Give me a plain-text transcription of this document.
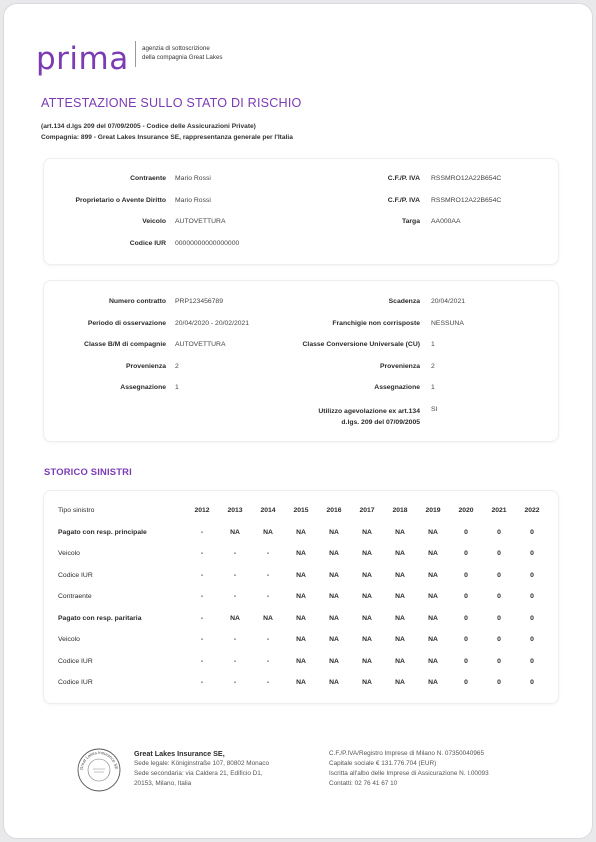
prima agenzia di sottoscrizione
della compagnia Great Lakes
ATTESTAZIONE SULLO STATO DI RISCHIO
(art.134 d.lgs 209 del 07/09/2005 - Codice delle Assicurazioni Private)
Compagnia: 899 - Great Lakes Insurance SE, rappresentanza generale per l'Italia
Contraente Mario Rossi	C.F./P. IVA RSSMRO12A22B654C
Proprietario o Avente Diritto Mario Rossi	C.F./P. IVA RSSMRO12A22B654C
Veicolo AUTOVETTURA	Targa AA000AA
Codice IUR 00000000000000000
Numero contratto PRP123456789	Scadenza 20/04/2021
Periodo di osservazione 20/04/2020 - 20/02/2021	Franchigie non corrisposte NESSUNA
Classe B/M di compagnie AUTOVETTURA	Classe Conversione Universale (CU) 1
Provenienza 2	Provenienza 2
Assegnazione 1	Assegnazione 1
Utilizzo agevolazione ex art.134
d.lgs. 209 del 07/09/2005
SI
STORICO SINISTRI
Tipo sinistro	2012	2013	2014	2015	2016	2017	2018	2019	2020	2021	2022
Pagato con resp. principale	-	NA	NA	NA	NA	NA	NA	NA	0	0	0
Veicolo	-	-	-	NA	NA	NA	NA	NA	0	0	0
Codice IUR	-	-	-	NA	NA	NA	NA	NA	0	0	0
Contraente	-	-	-	NA	NA	NA	NA	NA	0	0	0
Pagato con resp. paritaria	-	NA	NA	NA	NA	NA	NA	NA	0	0	0
Veicolo	-	-	-	NA	NA	NA	NA	NA	0	0	0
Codice IUR	-	-	-	NA	NA	NA	NA	NA	0	0	0
Codice IUR	-	-	-	NA	NA	NA	NA	NA	0	0	0
Great Lakes Insurance SE
Great Lakes Insurance SE,
Sede legale: Königinstraße 107, 80802 Monaco
Sede secondaria: via Caldera 21, Edificio D1,
20153, Milano, Italia
C.F./P.IVA/Registro Imprese di Milano N. 07350040965
Capitale sociale € 131.776.704 (EUR)
Iscritta all'albo delle Imprese di Assicurazione N. I.00093
Contatti: 02 76 41 67 10
